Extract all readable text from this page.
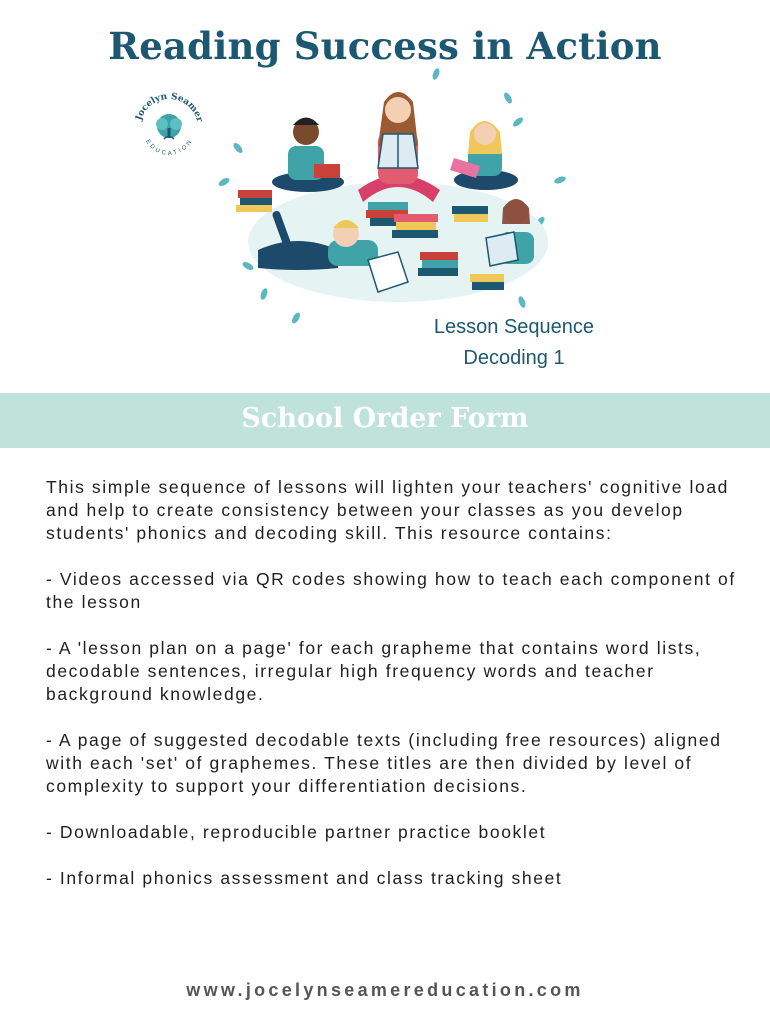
Reading Success in Action
Jocelyn Seamer
EDUCATION
Lesson Sequence
Decoding 1
School Order Form

This simple sequence of lessons will lighten your teachers' cognitive load and help to create consistency between your classes as you develop students' phonics and decoding skill. This resource contains:

- Videos accessed via QR codes showing how to teach each component of the lesson

- A 'lesson plan on a page' for each grapheme that contains word lists, decodable sentences, irregular high frequency words and teacher background knowledge.

- A page of suggested decodable texts (including free resources) aligned with each 'set' of graphemes. These titles are then divided by level of complexity to support your differentiation decisions.

- Downloadable, reproducible partner practice booklet

- Informal phonics assessment and class tracking sheet

www.jocelynseamereducation.com
